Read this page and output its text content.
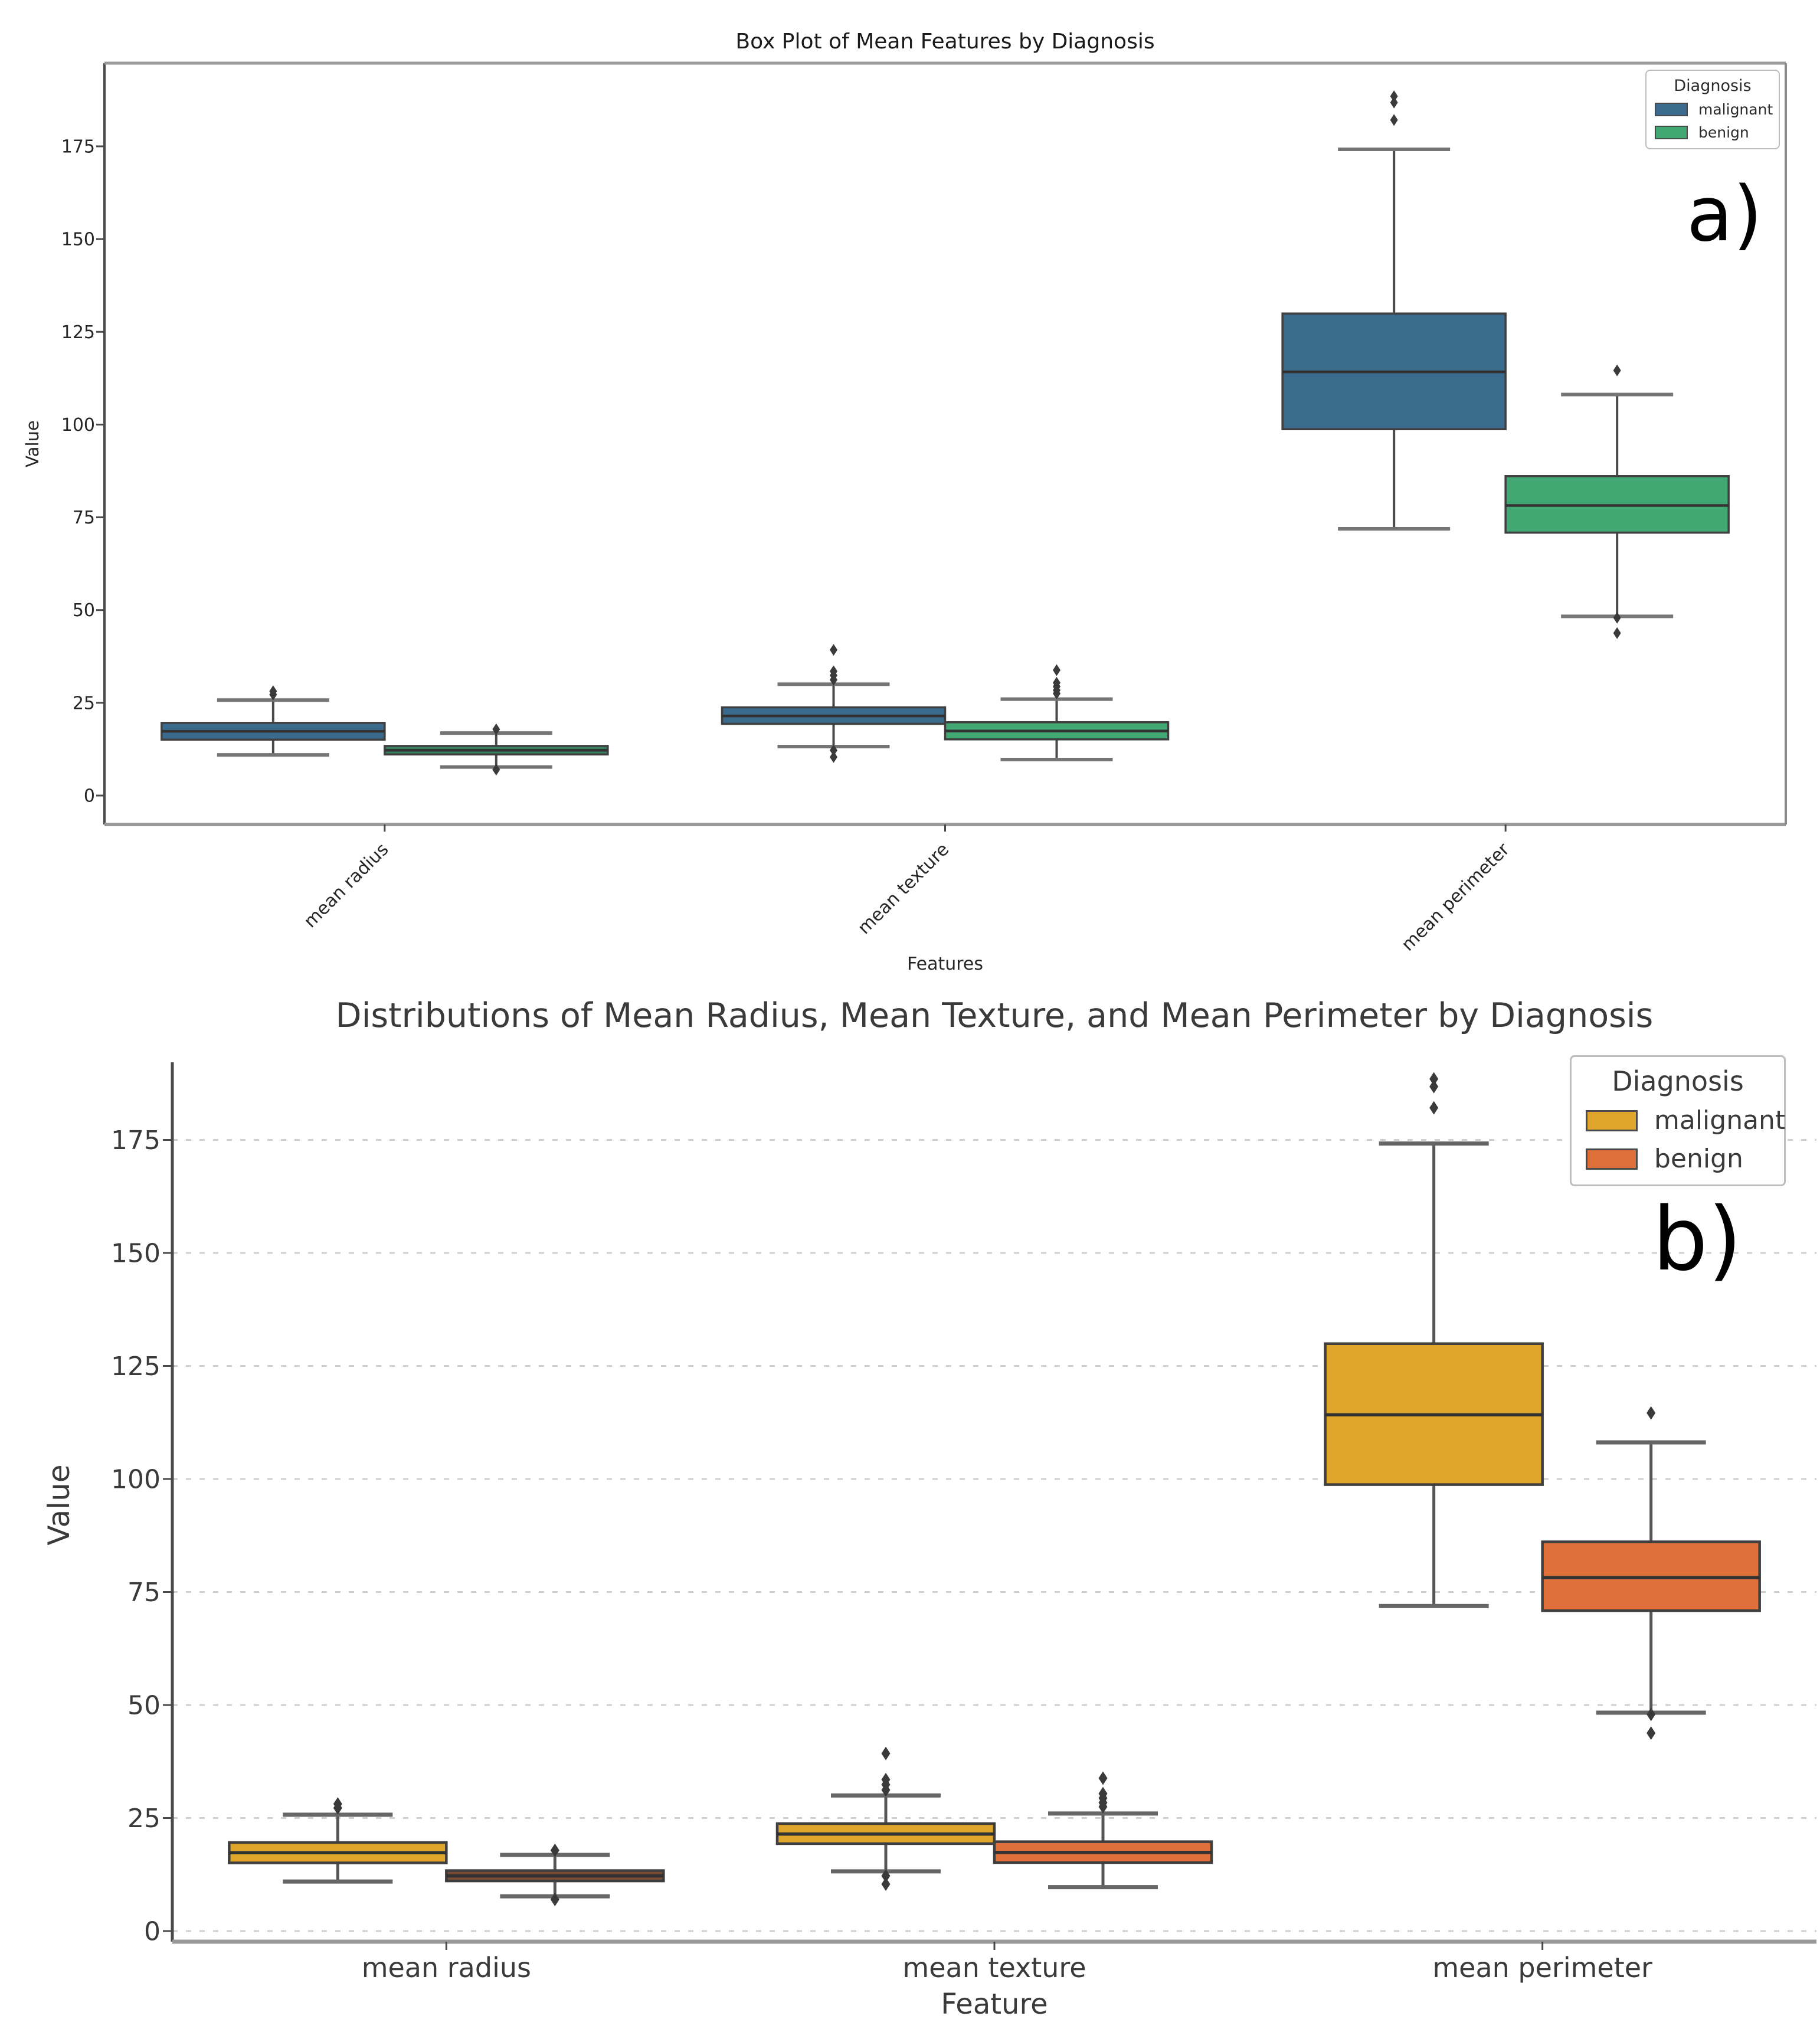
Box Plot of Mean Features by Diagnosis
0
25
50
75
100
125
150
175
mean radius	mean texture	mean perimeter
Value
Features
a)
Diagnosis
malignant
benign
Distributions of Mean Radius, Mean Texture, and Mean Perimeter by Diagnosis
0
25
50
75
100
125
150
175
mean radius	mean texture	mean perimeter
Value
Feature
b)
Diagnosis
malignant
benign
